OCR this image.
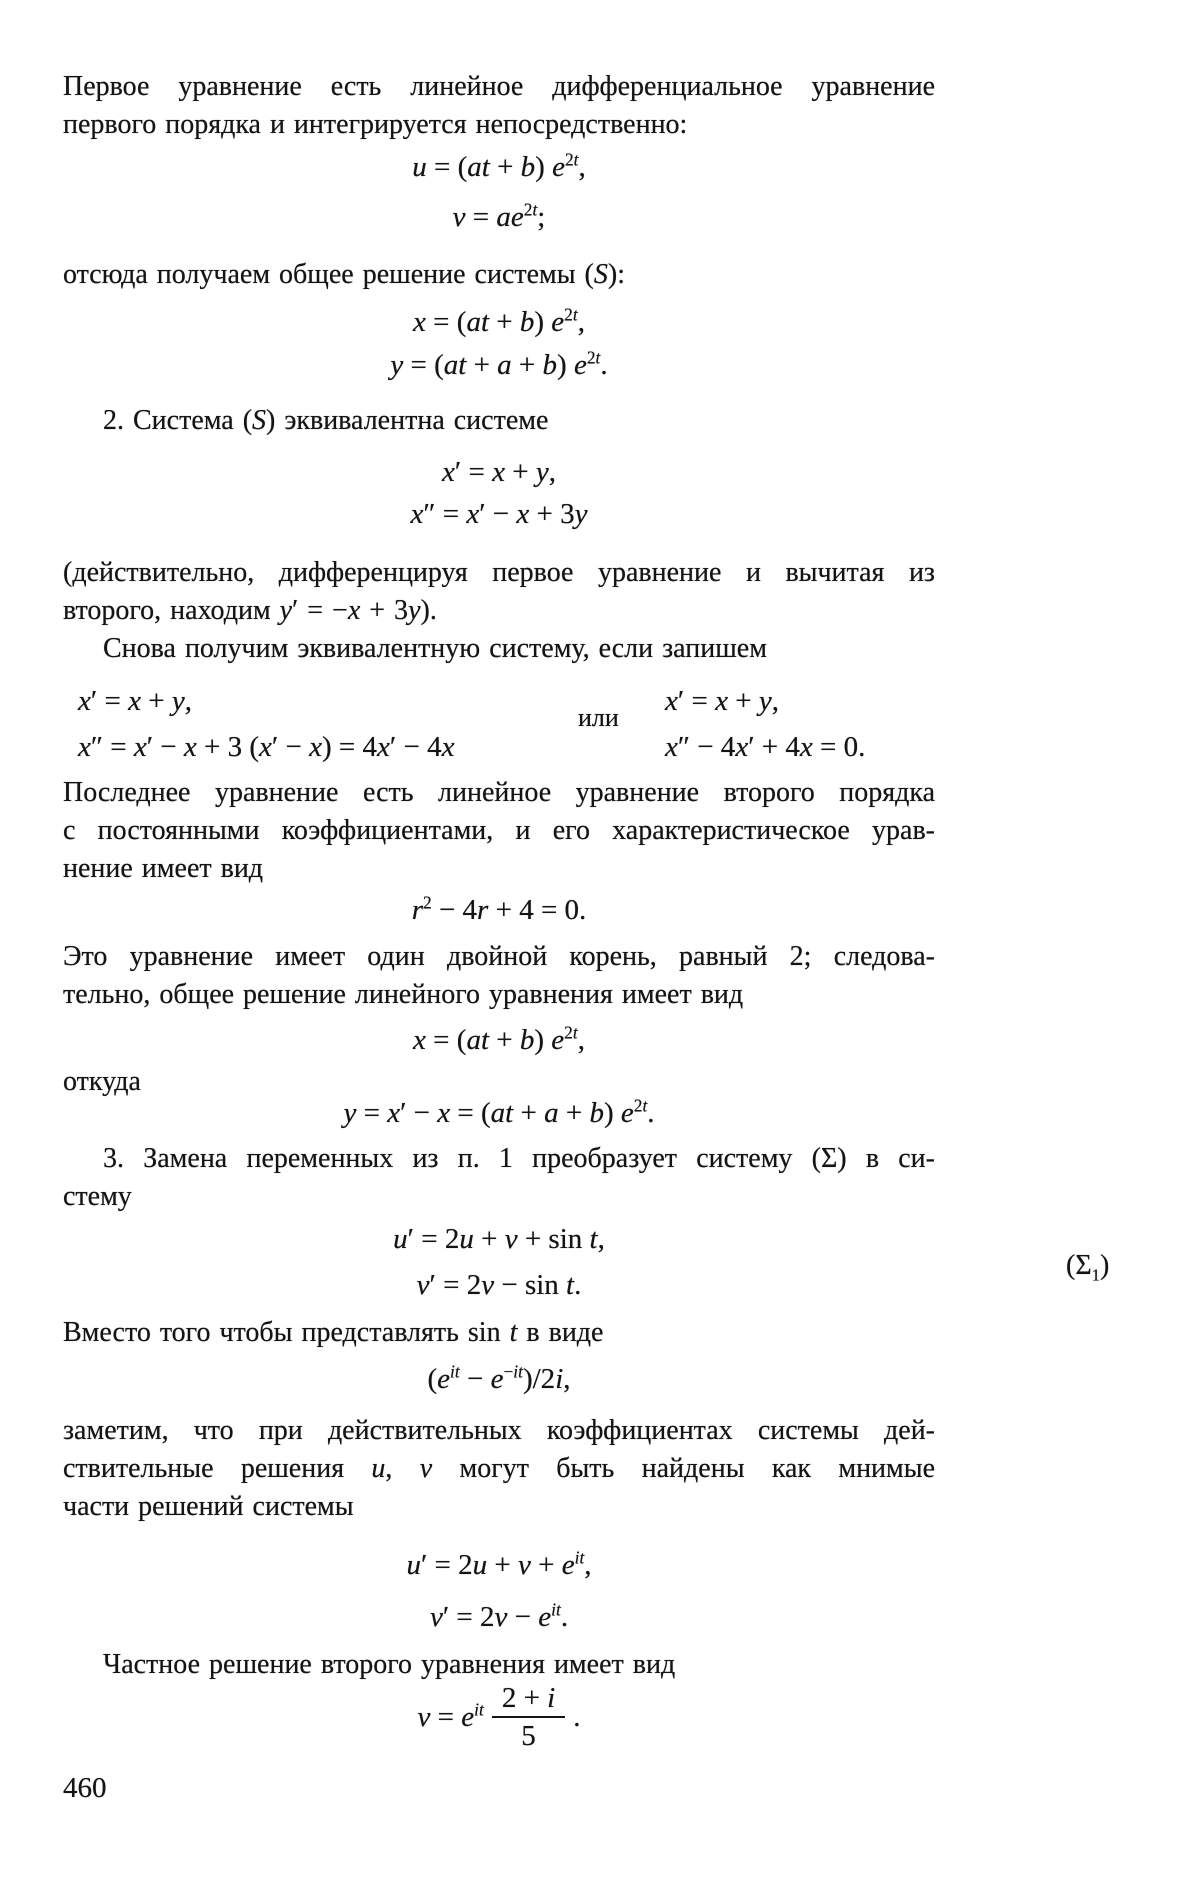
Первое уравнение есть линейное дифференциальное уравнение
первого порядка и интегрируется непосредственно:
u = (at + b) $e^{2t}$,
$v = ae^{2t}$;
отсюда получаем общее решение системы (S):
x = (at + b) $e^{2t}$,
y = (at + a + b) $e^{2t}$.
2. Система (S) эквивалентна системе
x′ = x + y,
x″ = x′ − x + 3y
(действительно, дифференцируя первое уравнение и вычитая из
второго, находим y′ = −x + 3y).
Снова получим эквивалентную систему, если запишем
x′ = x + y,
x″ = x′ − x + 3 (x′ − x) = 4x′ − 4x
или
x′ = x + y,
x″ − 4x′ + 4x = 0.
Последнее уравнение есть линейное уравнение второго порядка
с постоянными коэффициентами, и его характеристическое урав-
нение имеет вид
$r^2 - 4r + 4 = 0$.
Это уравнение имеет один двойной корень, равный 2; следова-
тельно, общее решение линейного уравнения имеет вид
x = (at + b) $e^{2t}$,
откуда
y = x′ − x = (at + a + b) $e^{2t}$.
3. Замена переменных из п. 1 преобразует систему (Σ) в си-
стему
u′ = 2u + v + sin t,
v′ = 2v − sin t.
$(\Sigma_1)$
Вместо того чтобы представлять sin t в виде
$(e^{it} - e^{-it})/2i$,
заметим, что при действительных коэффициентах системы дей-
ствительные решения u, v могут быть найдены как мнимые
части решений системы
$u' = 2u + v + e^{it}$,
$v' = 2v - e^{it}$.
Частное решение второго уравнения имеет вид
$v = e^{it} \frac{2 + i}{5}$ .
460
